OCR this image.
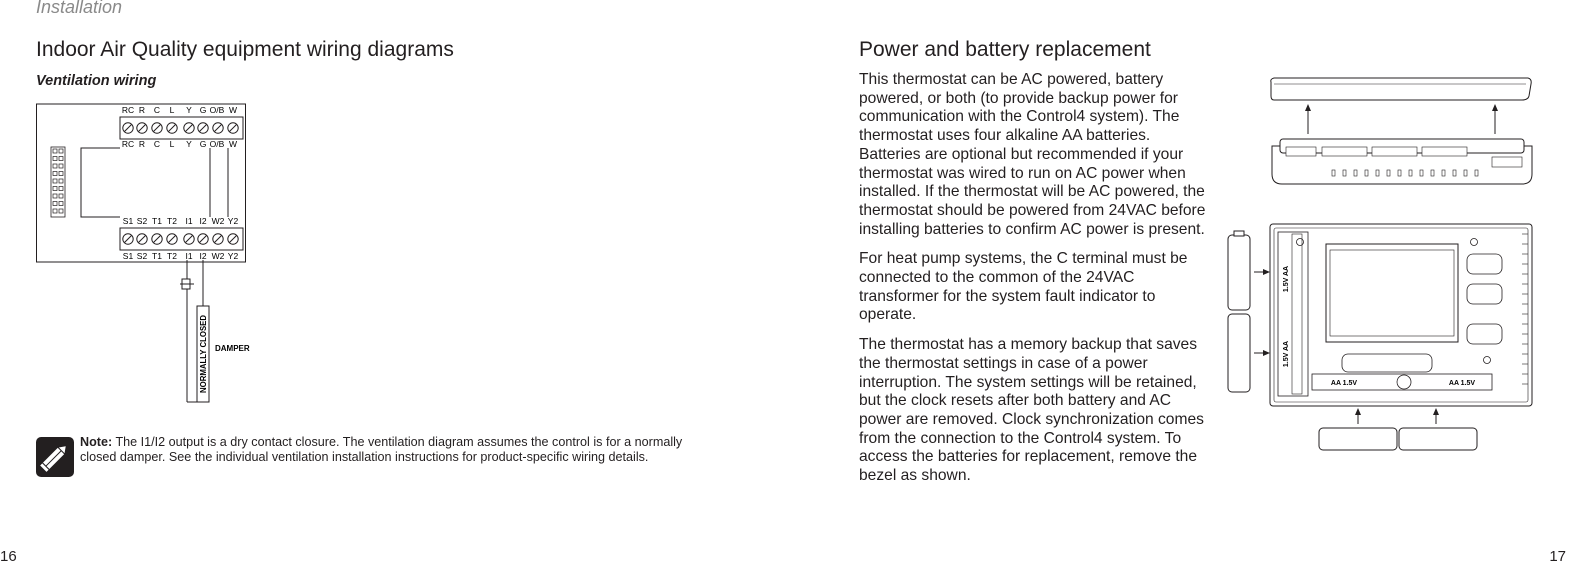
Installation

Indoor Air Quality equipment wiring diagrams
Ventilation wiring
RC R C L Y G O/B W
RC R C L Y G O/B W
S1 S2 T1 T2 I1 I2 W2 Y2
S1 S2 T1 T2 I1 I2 W2 Y2
NORMALLY CLOSED DAMPER

Note: The I1/I2 output is a dry contact closure. The ventilation diagram assumes the control is for a normally closed damper. See the individual ventilation installation instructions for product-specific wiring details.

16

Power and battery replacement

This thermostat can be AC powered, battery powered, or both (to provide backup power for communication with the Control4 system). The thermostat uses four alkaline AA batteries. Batteries are optional but recommended if your thermostat was wired to run on AC power when installed. If the thermostat will be AC powered, the thermostat should be powered from 24VAC before installing batteries to confirm AC power is present.

For heat pump systems, the C terminal must be connected to the common of the 24VAC transformer for the system fault indicator to operate.

The thermostat has a memory backup that saves the thermostat settings in case of a power interruption. The system settings will be retained, but the clock resets after both battery and AC power are removed. Clock synchronization comes from the connection to the Control4 system. To access the batteries for replacement, remove the bezel as shown.

1.5V AA
1.5V AA
AA 1.5V	AA 1.5V

17
